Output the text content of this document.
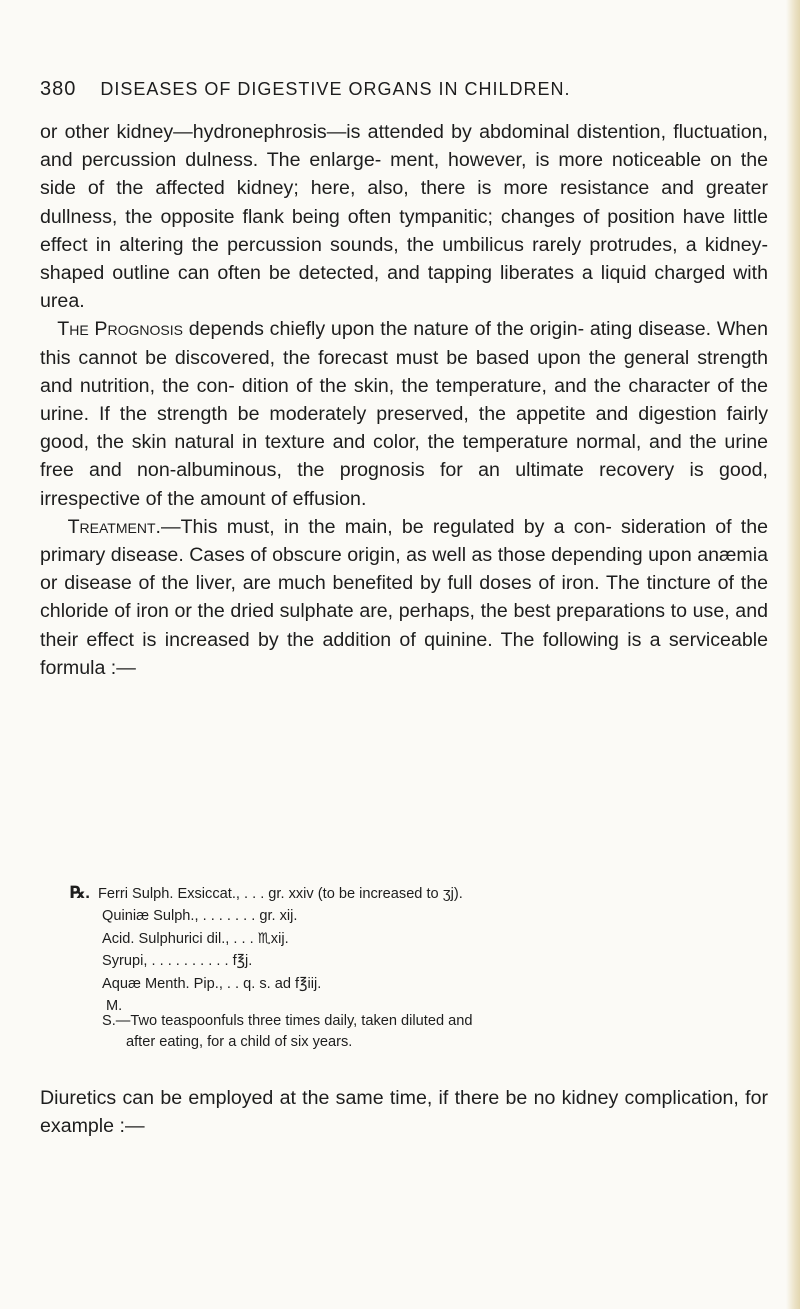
380 DISEASES OF DIGESTIVE ORGANS IN CHILDREN.

or other kidney—hydronephrosis—is attended by abdominal distention, fluctuation, and percussion dulness. The enlarge- ment, however, is more noticeable on the side of the affected kidney; here, also, there is more resistance and greater dullness, the opposite flank being often tympanitic; changes of position have little effect in altering the percussion sounds, the umbilicus rarely protrudes, a kidney-shaped outline can often be detected, and tapping liberates a liquid charged with urea.

The Prognosis depends chiefly upon the nature of the origin- ating disease. When this cannot be discovered, the forecast must be based upon the general strength and nutrition, the con- dition of the skin, the temperature, and the character of the urine. If the strength be moderately preserved, the appetite and digestion fairly good, the skin natural in texture and color, the temperature normal, and the urine free and non-albuminous, the prognosis for an ultimate recovery is good, irrespective of the amount of effusion.

Treatment.—This must, in the main, be regulated by a con- sideration of the primary disease. Cases of obscure origin, as well as those depending upon anæmia or disease of the liver, are much benefited by full doses of iron. The tincture of the chloride of iron or the dried sulphate are, perhaps, the best preparations to use, and their effect is increased by the addition of quinine. The following is a serviceable formula :—

℞. Ferri Sulph. Exsiccat., . . . gr. xxiv (to be increased to ʒj).
Quiniæ Sulph., . . . . . . . gr. xij.
Acid. Sulphurici dil., . . . ♏xij.
Syrupi, . . . . . . . . . . f℥j.
Aquæ Menth. Pip., . . q. s. ad f℥iij.
M.
S.—Two teaspoonfuls three times daily, taken diluted and
after eating, for a child of six years.

Diuretics can be employed at the same time, if there be no kidney complication, for example :—
